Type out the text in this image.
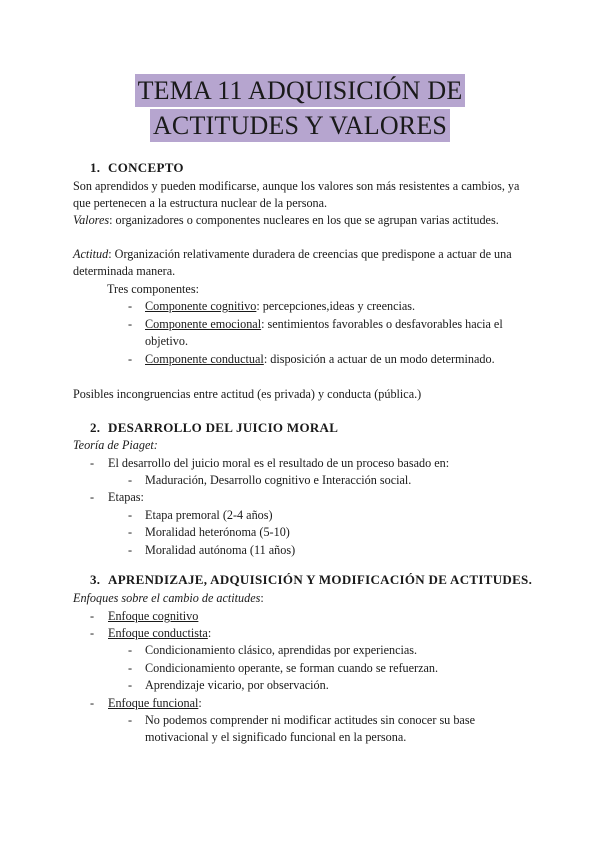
TEMA 11 ADQUISICIÓN DE
ACTITUDES Y VALORES
1. CONCEPTO
Son aprendidos y pueden modificarse, aunque los valores son más resistentes a cambios, ya que pertenecen a la estructura nuclear de la persona.
Valores: organizadores o componentes nucleares en los que se agrupan varias actitudes.
Actitud: Organización relativamente duradera de creencias que predispone a actuar de una determinada manera.
Tres componentes:
- Componente cognitivo: percepciones,ideas y creencias.
- Componente emocional: sentimientos favorables o desfavorables hacia el objetivo.
- Componente conductual: disposición a actuar de un modo determinado.
Posibles incongruencias entre actitud (es privada) y conducta (pública.)
2. DESARROLLO DEL JUICIO MORAL
Teoría de Piaget:
- El desarrollo del juicio moral es el resultado de un proceso basado en:
- Maduración, Desarrollo cognitivo e Interacción social.
- Etapas:
- Etapa premoral (2-4 años)
- Moralidad heterónoma (5-10)
- Moralidad autónoma (11 años)
3. APRENDIZAJE, ADQUISICIÓN Y MODIFICACIÓN DE ACTITUDES.
Enfoques sobre el cambio de actitudes:
- Enfoque cognitivo
- Enfoque conductista:
- Condicionamiento clásico, aprendidas por experiencias.
- Condicionamiento operante, se forman cuando se refuerzan.
- Aprendizaje vicario, por observación.
- Enfoque funcional:
- No podemos comprender ni modificar actitudes sin conocer su base motivacional y el significado funcional en la persona.
